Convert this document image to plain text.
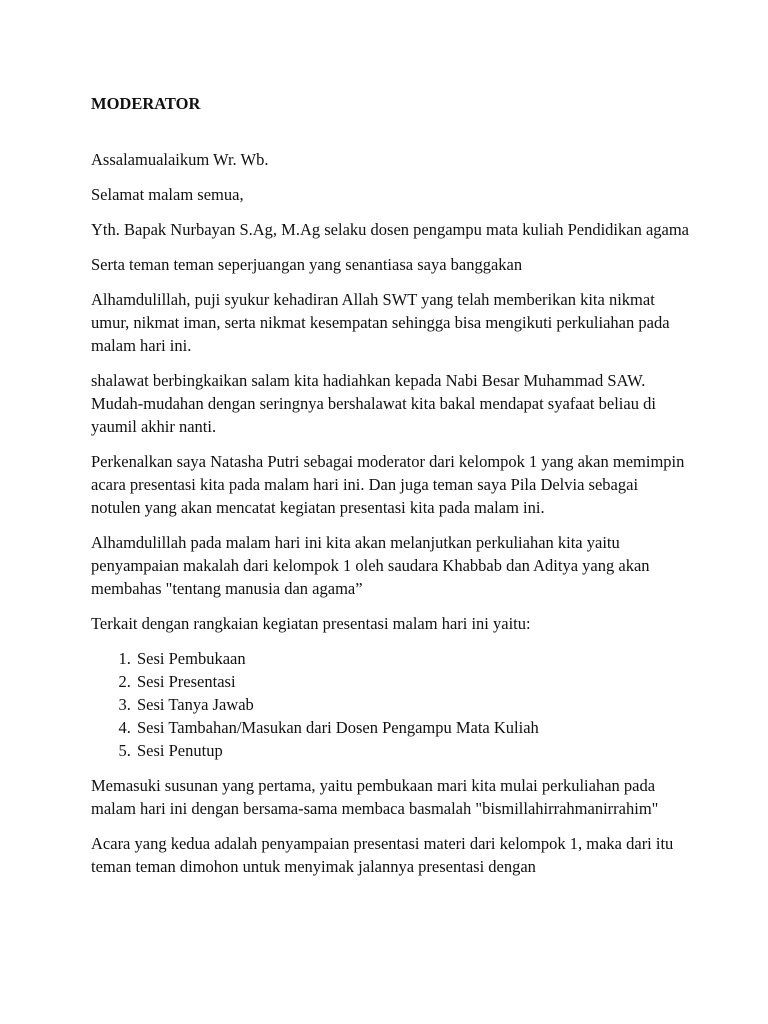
MODERATOR

Assalamualaikum Wr. Wb.

Selamat malam semua,

Yth. Bapak Nurbayan S.Ag, M.Ag selaku dosen pengampu mata kuliah Pendidikan agama

Serta teman teman seperjuangan yang senantiasa saya banggakan

Alhamdulillah, puji syukur kehadiran Allah SWT yang telah memberikan kita nikmat umur, nikmat iman, serta nikmat kesempatan sehingga bisa mengikuti perkuliahan pada malam hari ini.

shalawat berbingkaikan salam kita hadiahkan kepada Nabi Besar Muhammad SAW. Mudah-mudahan dengan seringnya bershalawat kita bakal mendapat syafaat beliau di yaumil akhir nanti.

Perkenalkan saya Natasha Putri sebagai moderator dari kelompok 1 yang akan memimpin acara presentasi kita pada malam hari ini. Dan juga teman saya Pila Delvia sebagai notulen yang akan mencatat kegiatan presentasi kita pada malam ini.

Alhamdulillah pada malam hari ini kita akan melanjutkan perkuliahan kita yaitu penyampaian makalah dari kelompok 1 oleh saudara Khabbab dan Aditya yang akan membahas "tentang manusia dan agama”

Terkait dengan rangkaian kegiatan presentasi malam hari ini yaitu:

1. Sesi Pembukaan
2. Sesi Presentasi
3. Sesi Tanya Jawab
4. Sesi Tambahan/Masukan dari Dosen Pengampu Mata Kuliah
5. Sesi Penutup

Memasuki susunan yang pertama, yaitu pembukaan mari kita mulai perkuliahan pada malam hari ini dengan bersama-sama membaca basmalah "bismillahirrahmanirrahim"

Acara yang kedua adalah penyampaian presentasi materi dari kelompok 1, maka dari itu teman teman dimohon untuk menyimak jalannya presentasi dengan
